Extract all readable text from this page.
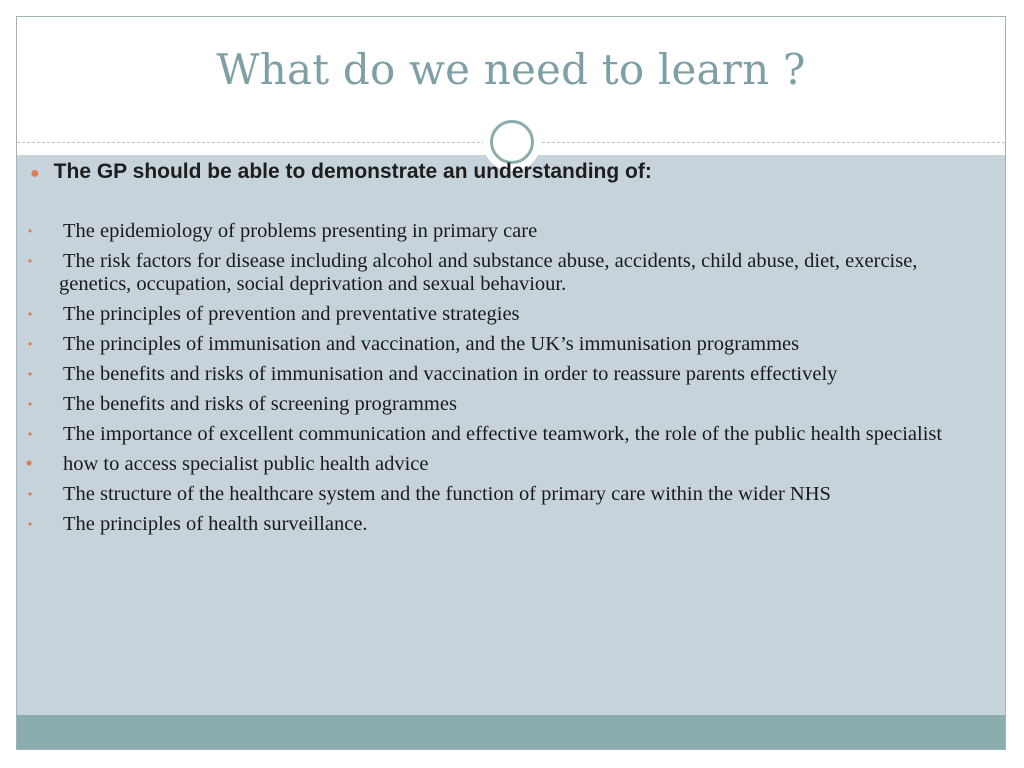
What do we need to learn ?
● The GP should be able to demonstrate an understanding of:
• The epidemiology of problems presenting in primary care
• The risk factors for disease including alcohol and substance abuse, accidents, child abuse, diet, exercise, genetics, occupation, social deprivation and sexual behaviour.
• The principles of prevention and preventative strategies
• The principles of immunisation and vaccination, and the UK’s immunisation programmes
• The benefits and risks of immunisation and vaccination in order to reassure parents effectively
• The benefits and risks of screening programmes
• The importance of excellent communication and effective teamwork, the role of the public health specialist
• how to access specialist public health advice
• The structure of the healthcare system and the function of primary care within the wider NHS
• The principles of health surveillance.
